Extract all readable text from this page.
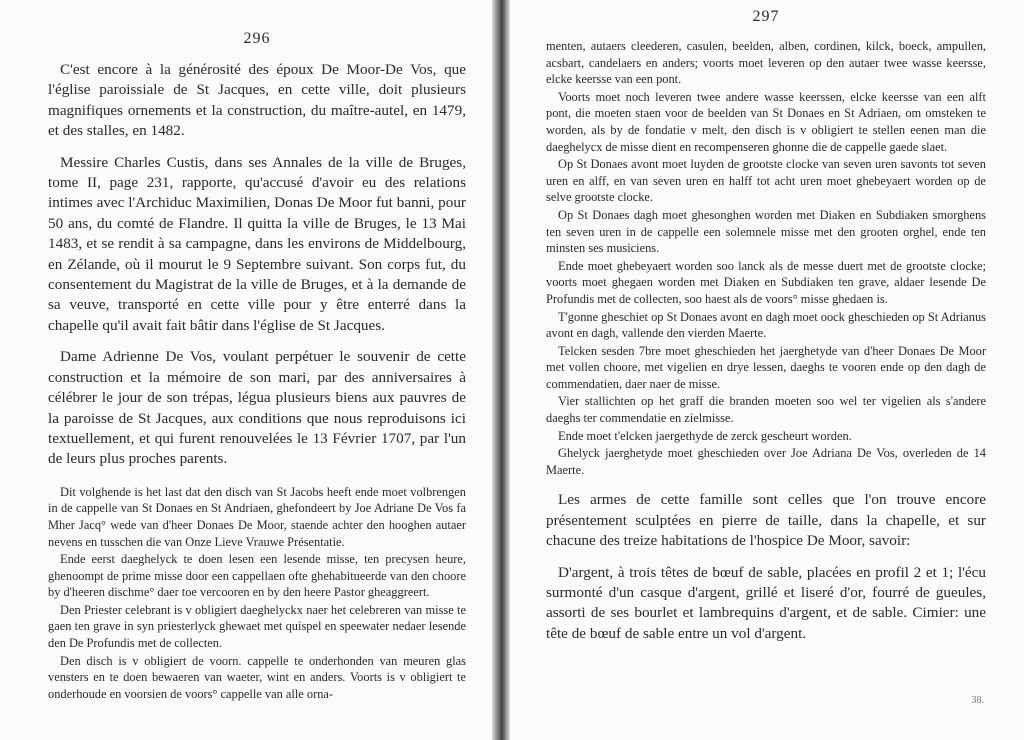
296

C'est encore à la générosité des époux De Moor-De Vos, que l'église paroissiale de St Jacques, en cette ville, doit plusieurs magnifiques ornements et la construction, du maître-autel, en 1479, et des stalles, en 1482.

Messire Charles Custis, dans ses Annales de la ville de Bruges, tome II, page 231, rapporte, qu'accusé d'avoir eu des relations intimes avec l'Archiduc Maximilien, Donas De Moor fut banni, pour 50 ans, du comté de Flandre. Il quitta la ville de Bruges, le 13 Mai 1483, et se rendit à sa campagne, dans les environs de Middelbourg, en Zélande, où il mourut le 9 Septembre suivant. Son corps fut, du consentement du Magistrat de la ville de Bruges, et à la demande de sa veuve, transporté en cette ville pour y être enterré dans la chapelle qu'il avait fait bâtir dans l'église de St Jacques.

Dame Adrienne De Vos, voulant perpétuer le souvenir de cette construction et la mémoire de son mari, par des anniversaires à célébrer le jour de son trépas, légua plusieurs biens aux pauvres de la paroisse de St Jacques, aux conditions que nous reproduisons ici textuellement, et qui furent renouvelées le 13 Février 1707, par l'un de leurs plus proches parents.

Dit volghende is het last dat den disch van St Jacobs heeft ende moet volbrengen in de cappelle van St Donaes en St Andriaen, ghefondeert by Joe Adriane De Vos fa Mher Jacq° wede van d'heer Donaes De Moor, staende achter den hooghen autaer nevens en tusschen die van Onze Lieve Vrauwe Présentatie.

Ende eerst daeghelyck te doen lesen een lesende misse, ten precysen heure, ghenoompt de prime misse door een cappellaen ofte ghehabitueerde van den choore by d'heeren dischme° daer toe vercooren en by den heere Pastor gheaggreert.

Den Priester celebrant is v obligiert daeghelyckx naer het celebreren van misse te gaen ten grave in syn priesterlyck ghewaet met quispel en speewater nedaer lesende den De Profundis met de collecten.

Den disch is v obligiert de voorn. cappelle te onderhonden van meuren glas vensters en te doen bewaeren van waeter, wint en anders. Voorts is v obligiert te onderhoude en voorsien de voors° cappelle van alle orna-

297

menten, autaers cleederen, casulen, beelden, alben, cordinen, kilck, boeck, ampullen, acsbart, candelaers en anders; voorts moet leveren op den autaer twee wasse keersse, elcke keersse van een pont.

Voorts moet noch leveren twee andere wasse keerssen, elcke keersse van een alft pont, die moeten staen voor de beelden van St Donaes en St Adriaen, om omsteken te worden, als by de fondatie v melt, den disch is v obligiert te stellen eenen man die daeghelycx de misse dient en recompenseren ghonne die de cappelle gaede slaet.

Op St Donaes avont moet luyden de grootste clocke van seven uren savonts tot seven uren en alff, en van seven uren en halff tot acht uren moet ghebeyaert worden op de selve grootste clocke.

Op St Donaes dagh moet ghesonghen worden met Diaken en Subdiaken smorghens ten seven uren in de cappelle een solemnele misse met den grooten orghel, ende ten minsten ses musiciens.

Ende moet ghebeyaert worden soo lanck als de messe duert met de grootste clocke; voorts moet ghegaen worden met Diaken en Subdiaken ten grave, aldaer lesende De Profundis met de collecten, soo haest als de voors° misse ghedaen is.

T'gonne gheschiet op St Donaes avont en dagh moet oock gheschieden op St Adrianus avont en dagh, vallende den vierden Maerte.

Telcken sesden 7bre moet gheschieden het jaerghetyde van d'heer Donaes De Moor met vollen choore, met vigelien en drye lessen, daeghs te vooren ende op den dagh de commendatien, daer naer de misse.

Vier stallichten op het graff die branden moeten soo wel ter vigelien als s'andere daeghs ter commendatie en zielmisse.

Ende moet t'elcken jaergethyde de zerck gescheurt worden.

Ghelyck jaerghetyde moet gheschieden over Joe Adriana De Vos, overleden de 14 Maerte.

Les armes de cette famille sont celles que l'on trouve encore présentement sculptées en pierre de taille, dans la chapelle, et sur chacune des treize habitations de l'hospice De Moor, savoir:

D'argent, à trois têtes de bœuf de sable, placées en profil 2 et 1; l'écu surmonté d'un casque d'argent, grillé et liseré d'or, fourré de gueules, assorti de ses bourlet et lambrequins d'argent, et de sable. Cimier: une tête de bœuf de sable entre un vol d'argent.

38.
